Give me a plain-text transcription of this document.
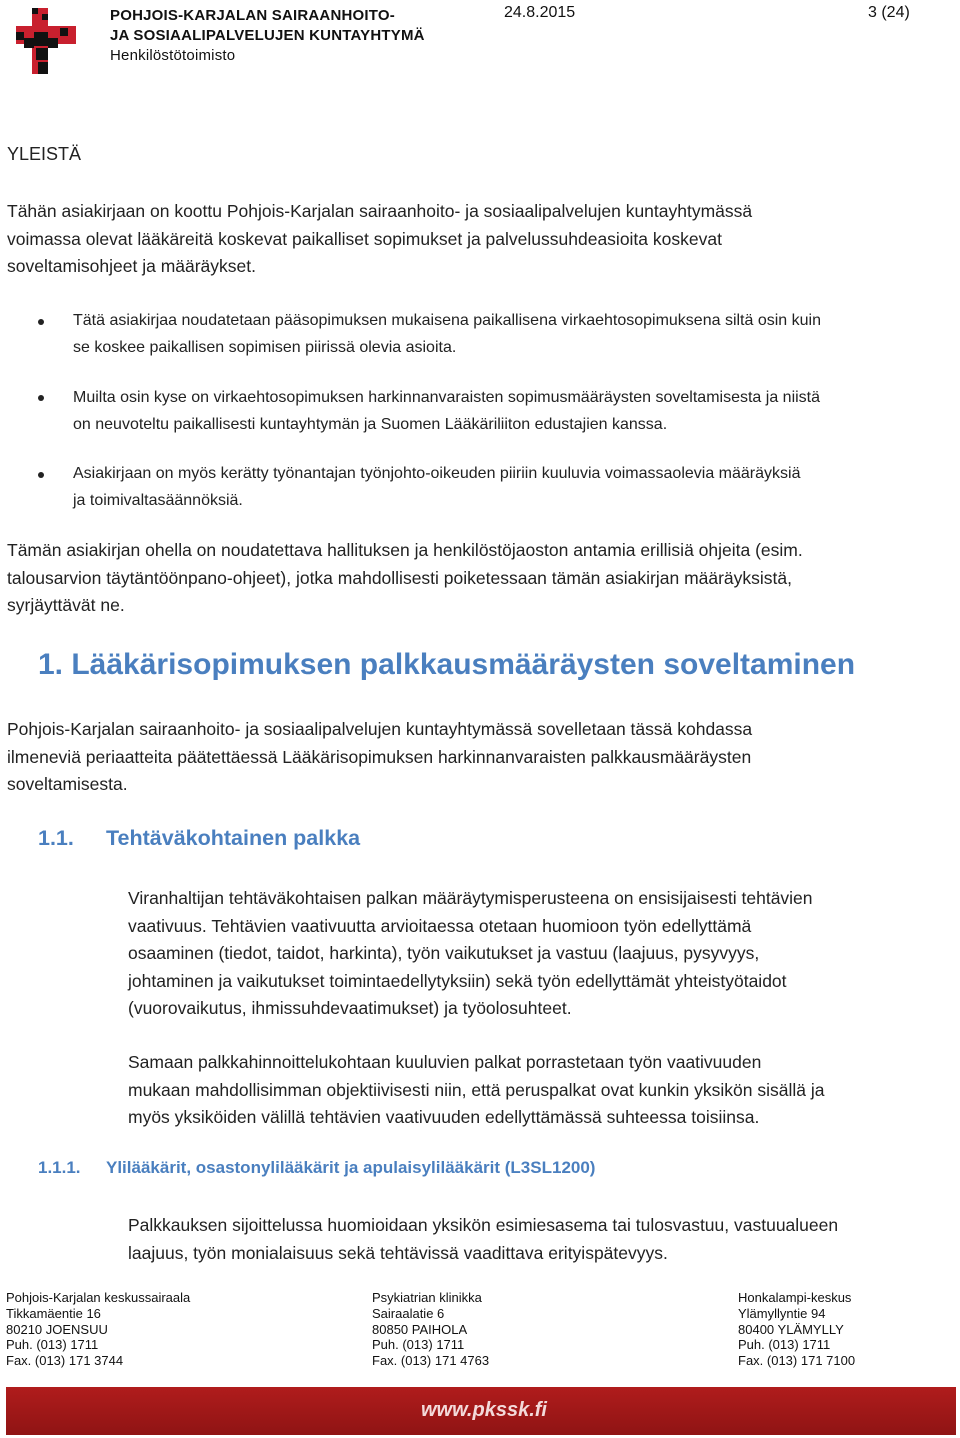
POHJOIS-KARJALAN SAIRAANHOITO-
JA SOSIAALIPALVELUJEN KUNTAYHTYMÄ
Henkilöstötoimisto
24.8.2015	3 (24)
YLEISTÄ
Tähän asiakirjaan on koottu Pohjois-Karjalan sairaanhoito- ja sosiaalipalvelujen kuntayhtymässä
voimassa olevat lääkäreitä koskevat paikalliset sopimukset ja palvelussuhdeasioita koskevat
soveltamisohjeet ja määräykset.
Tätä asiakirjaa noudatetaan pääsopimuksen mukaisena paikallisena virkaehtosopimuksena siltä osin kuin
se koskee paikallisen sopimisen piirissä olevia asioita.
Muilta osin kyse on virkaehtosopimuksen harkinnanvaraisten sopimusmääräysten soveltamisesta ja niistä
on neuvoteltu paikallisesti kuntayhtymän ja Suomen Lääkäriliiton edustajien kanssa.
Asiakirjaan on myös kerätty työnantajan työnjohto-oikeuden piiriin kuuluvia voimassaolevia määräyksiä
ja toimivaltasäännöksiä.
Tämän asiakirjan ohella on noudatettava hallituksen ja henkilöstöjaoston antamia erillisiä ohjeita (esim.
talousarvion täytäntöönpano-ohjeet), jotka mahdollisesti poiketessaan tämän asiakirjan määräyksistä,
syrjäyttävät ne.
1. Lääkärisopimuksen palkkausmääräysten soveltaminen
Pohjois-Karjalan sairaanhoito- ja sosiaalipalvelujen kuntayhtymässä sovelletaan tässä kohdassa
ilmeneviä periaatteita päätettäessä Lääkärisopimuksen harkinnanvaraisten palkkausmääräysten
soveltamisesta.
1.1. Tehtäväkohtainen palkka
Viranhaltijan tehtäväkohtaisen palkan määräytymisperusteena on ensisijaisesti tehtävien
vaativuus. Tehtävien vaativuutta arvioitaessa otetaan huomioon työn edellyttämä
osaaminen (tiedot, taidot, harkinta), työn vaikutukset ja vastuu (laajuus, pysyvyys,
johtaminen ja vaikutukset toimintaedellytyksiin) sekä työn edellyttämät yhteistyötaidot
(vuorovaikutus, ihmissuhdevaatimukset) ja työolosuhteet.
Samaan palkkahinnoittelukohtaan kuuluvien palkat porrastetaan työn vaativuuden
mukaan mahdollisimman objektiivisesti niin, että peruspalkat ovat kunkin yksikön sisällä ja
myös yksiköiden välillä tehtävien vaativuuden edellyttämässä suhteessa toisiinsa.
1.1.1. Ylilääkärit, osastonylilääkärit ja apulaisylilääkärit (L3SL1200)
Palkkauksen sijoittelussa huomioidaan yksikön esimiesasema tai tulosvastuu, vastuualueen
laajuus, työn monialaisuus sekä tehtävissä vaadittava erityispätevyys.
Pohjois-Karjalan keskussairaala
Tikkamäentie 16
80210 JOENSUU
Puh. (013) 1711
Fax. (013) 171 3744
Psykiatrian klinikka
Sairaalatie 6
80850 PAIHOLA
Puh. (013) 1711
Fax. (013) 171 4763
Honkalampi-keskus
Ylämyllyntie 94
80400 YLÄMYLLY
Puh. (013) 1711
Fax. (013) 171 7100
www.pkssk.fi
